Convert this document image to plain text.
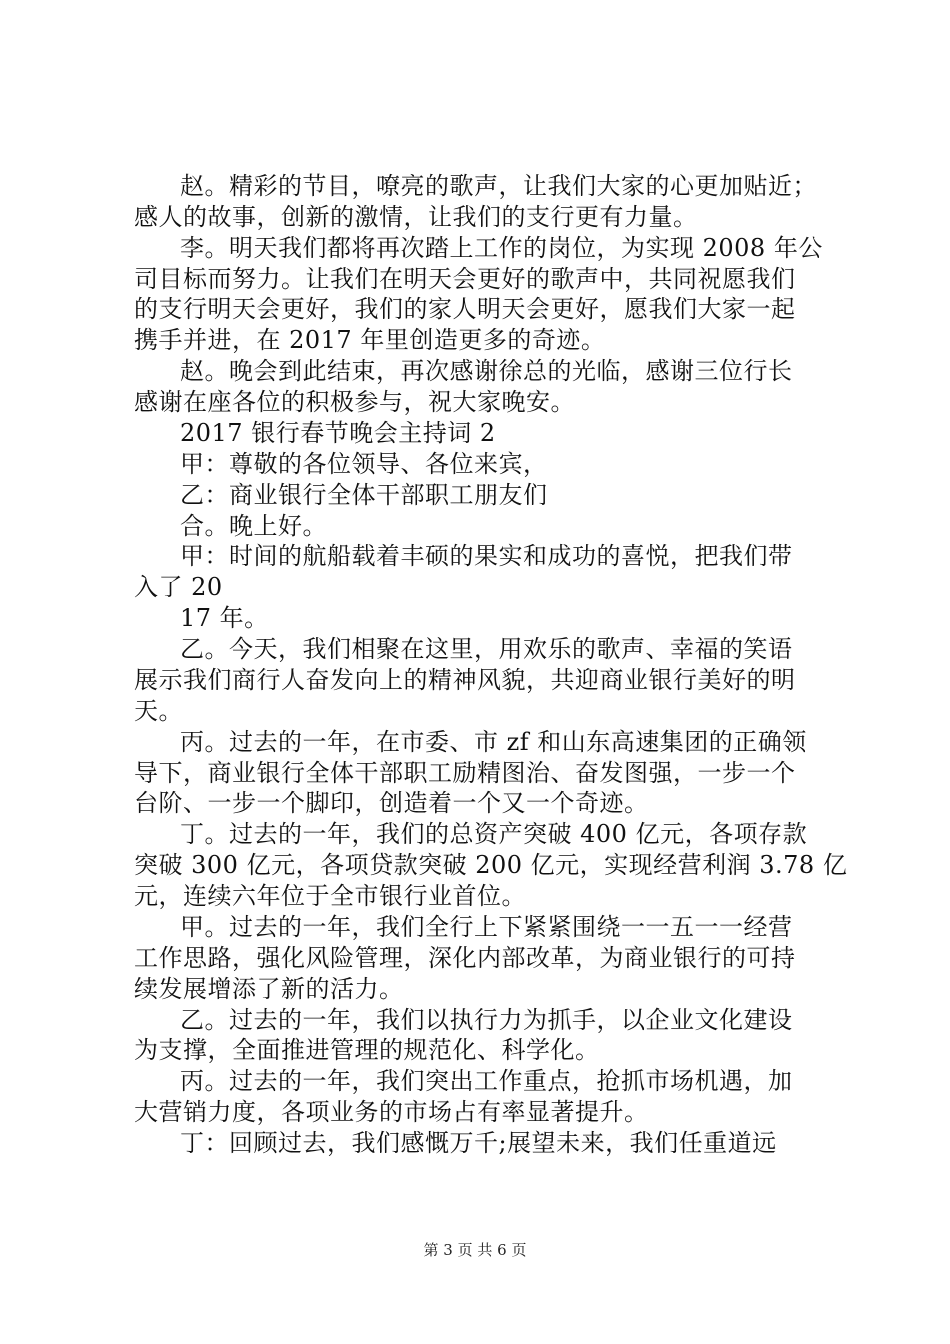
赵。精彩的节目，嘹亮的歌声，让我们大家的心更加贴近；
感人的故事，创新的激情，让我们的支行更有力量。
李。明天我们都将再次踏上工作的岗位，为实现 2008 年公
司目标而努力。让我们在明天会更好的歌声中，共同祝愿我们
的支行明天会更好，我们的家人明天会更好，愿我们大家一起
携手并进，在 2017 年里创造更多的奇迹。
赵。晚会到此结束，再次感谢徐总的光临，感谢三位行长
感谢在座各位的积极参与，祝大家晚安。
2017 银行春节晚会主持词 2
甲：尊敬的各位领导、各位来宾，
乙：商业银行全体干部职工朋友们
合。晚上好。
甲：时间的航船载着丰硕的果实和成功的喜悦，把我们带
入了 20
17 年。
乙。今天，我们相聚在这里，用欢乐的歌声、幸福的笑语
展示我们商行人奋发向上的精神风貌，共迎商业银行美好的明
天。
丙。过去的一年，在市委、市 zf 和山东高速集团的正确领
导下，商业银行全体干部职工励精图治、奋发图强，一步一个
台阶、一步一个脚印，创造着一个又一个奇迹。
丁。过去的一年，我们的总资产突破 400 亿元，各项存款
突破 300 亿元，各项贷款突破 200 亿元，实现经营利润 3.78 亿
元，连续六年位于全市银行业首位。
甲。过去的一年，我们全行上下紧紧围绕一一五一一经营
工作思路，强化风险管理，深化内部改革，为商业银行的可持
续发展增添了新的活力。
乙。过去的一年，我们以执行力为抓手，以企业文化建设
为支撑，全面推进管理的规范化、科学化。
丙。过去的一年，我们突出工作重点，抢抓市场机遇，加
大营销力度，各项业务的市场占有率显著提升。
丁：回顾过去，我们感慨万千;展望未来，我们任重道远
第 3 页 共 6 页
